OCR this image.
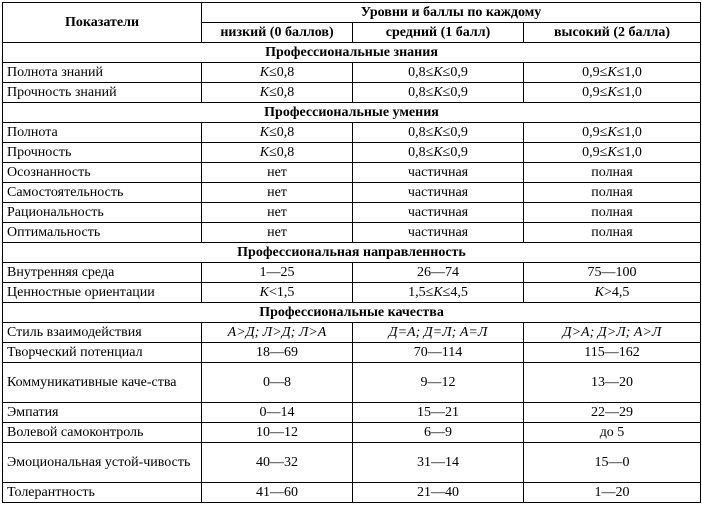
Показатели	Уровни и баллы по каждому		
	низкий (0 баллов)	средний (1 балл)	высокий (2 балла)
Профессиональные знания			
Полнота знаний	K≤0,8	0,8≤K≤0,9	0,9≤K≤1,0
Прочность знаний	K≤0,8	0,8≤K≤0,9	0,9≤K≤1,0
Профессиональные умения			
Полнота	K≤0,8	0,8≤K≤0,9	0,9≤K≤1,0
Прочность	K≤0,8	0,8≤K≤0,9	0,9≤K≤1,0
Осознанность	нет	частичная	полная
Самостоятельность	нет	частичная	полная
Рациональность	нет	частичная	полная
Оптимальность	нет	частичная	полная
Профессиональная направленность			
Внутренняя среда	1—25	26—74	75—100
Ценностные ориентации	K<1,5	1,5≤K≤4,5	K>4,5
Профессиональные качества			
Стиль взаимодействия	А>Д; Л>Д; Л>А	Д=А; Д=Л; А=Л	Д>А; Д>Л; А>Л
Творческий потенциал	18—69	70—114	115—162
Коммуникативные каче-ства	0—8	9—12	13—20
Эмпатия	0—14	15—21	22—29
Волевой самоконтроль	10—12	6—9	до 5
Эмоциональная устой-чивость	40—32	31—14	15—0
Толерантность	41—60	21—40	1—20
